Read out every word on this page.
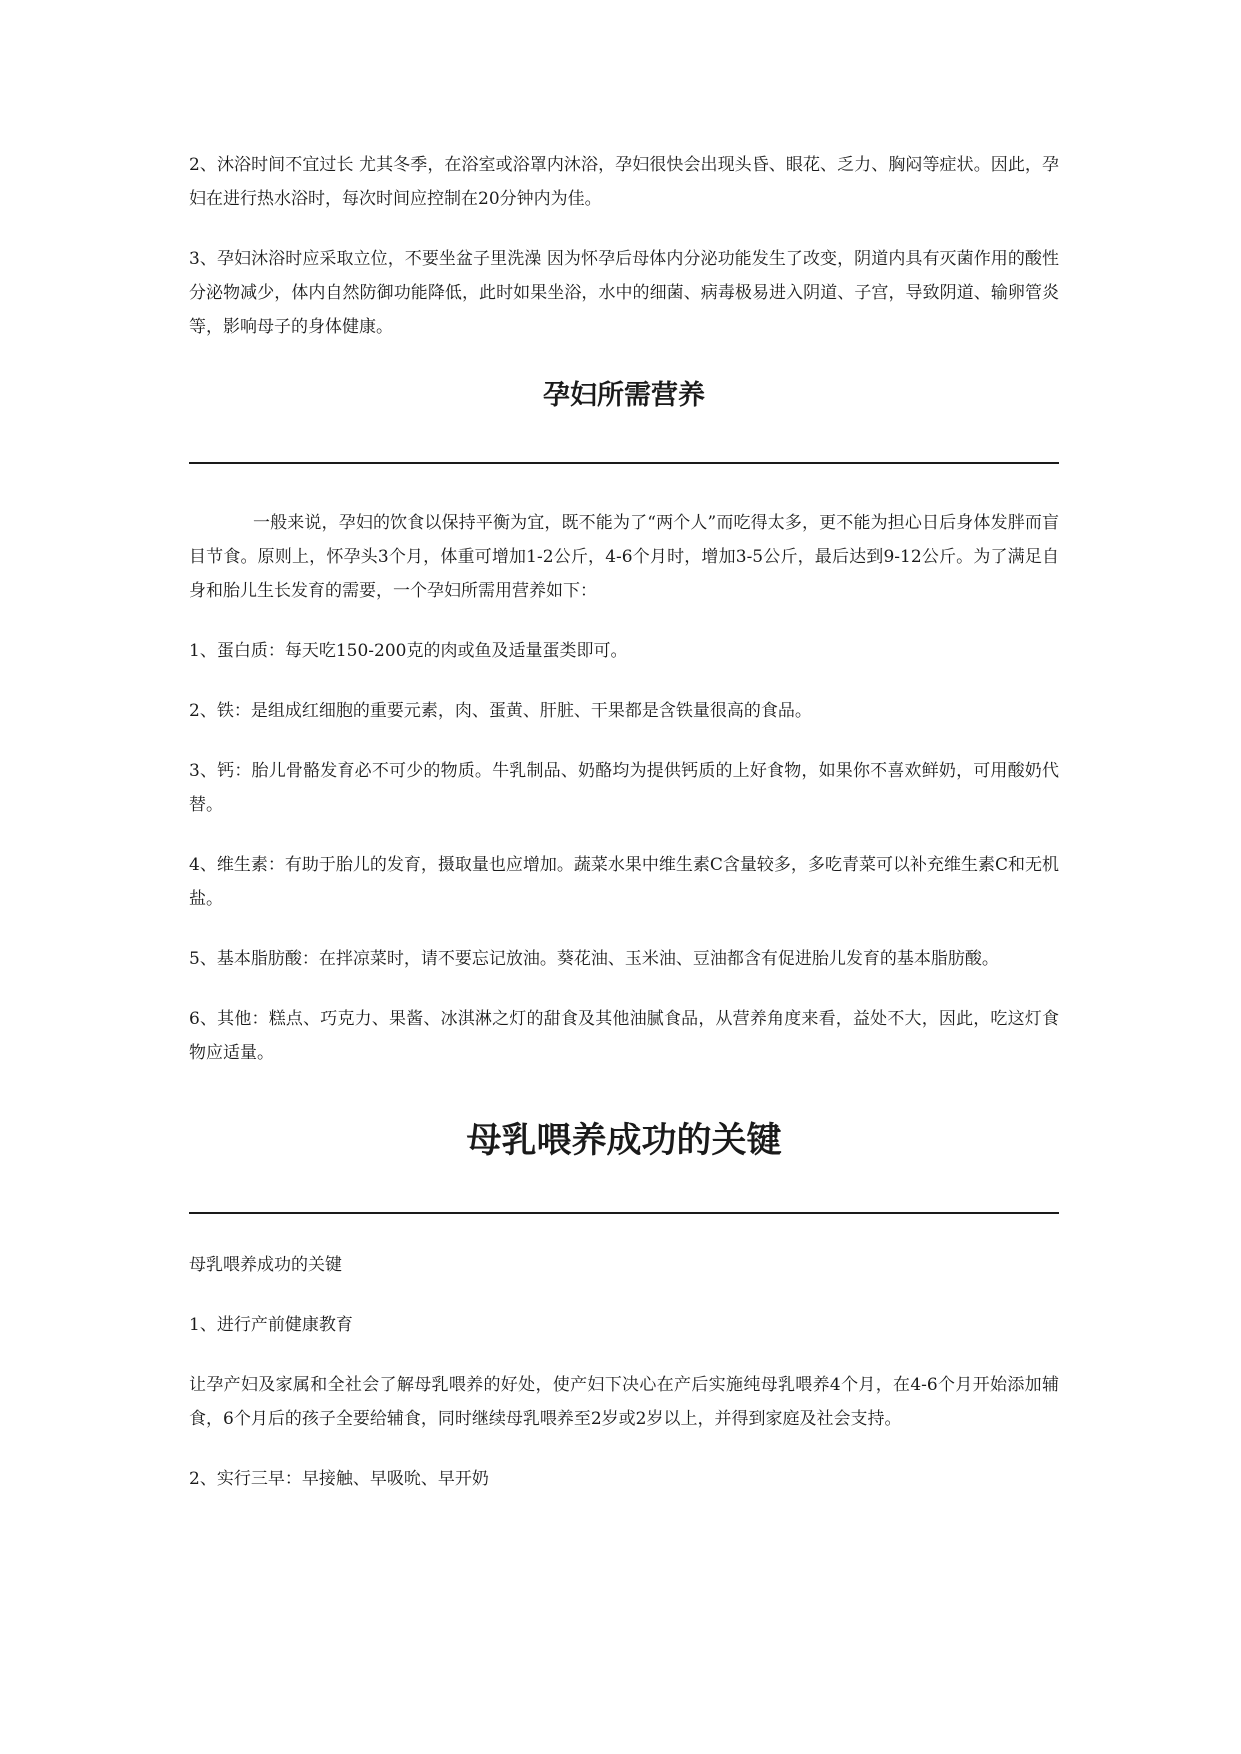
2、沐浴时间不宜过长 尤其冬季，在浴室或浴罩内沐浴，孕妇很快会出现头昏、眼花、乏力、胸闷等症状。因此，孕妇在进行热水浴时，每次时间应控制在20分钟内为佳。

3、孕妇沐浴时应采取立位，不要坐盆子里洗澡 因为怀孕后母体内分泌功能发生了改变，阴道内具有灭菌作用的酸性分泌物减少，体内自然防御功能降低，此时如果坐浴，水中的细菌、病毒极易进入阴道、子宫，导致阴道、输卵管炎等，影响母子的身体健康。

孕妇所需营养

一般来说，孕妇的饮食以保持平衡为宜，既不能为了“两个人”而吃得太多，更不能为担心日后身体发胖而盲目节食。原则上，怀孕头3个月，体重可增加1-2公斤，4-6个月时，增加3-5公斤，最后达到9-12公斤。为了满足自身和胎儿生长发育的需要，一个孕妇所需用营养如下：

1、蛋白质：每天吃150-200克的肉或鱼及适量蛋类即可。

2、铁：是组成红细胞的重要元素，肉、蛋黄、肝脏、干果都是含铁量很高的食品。

3、钙：胎儿骨骼发育必不可少的物质。牛乳制品、奶酪均为提供钙质的上好食物，如果你不喜欢鲜奶，可用酸奶代替。

4、维生素：有助于胎儿的发育，摄取量也应增加。蔬菜水果中维生素C含量较多，多吃青菜可以补充维生素C和无机盐。

5、基本脂肪酸：在拌凉菜时，请不要忘记放油。葵花油、玉米油、豆油都含有促进胎儿发育的基本脂肪酸。

6、其他：糕点、巧克力、果酱、冰淇淋之灯的甜食及其他油腻食品，从营养角度来看，益处不大，因此，吃这灯食物应适量。

母乳喂养成功的关键

母乳喂养成功的关键

1、进行产前健康教育

让孕产妇及家属和全社会了解母乳喂养的好处，使产妇下决心在产后实施纯母乳喂养4个月，在4-6个月开始添加辅食，6个月后的孩子全要给辅食，同时继续母乳喂养至2岁或2岁以上，并得到家庭及社会支持。

2、实行三早：早接触、早吸吮、早开奶
